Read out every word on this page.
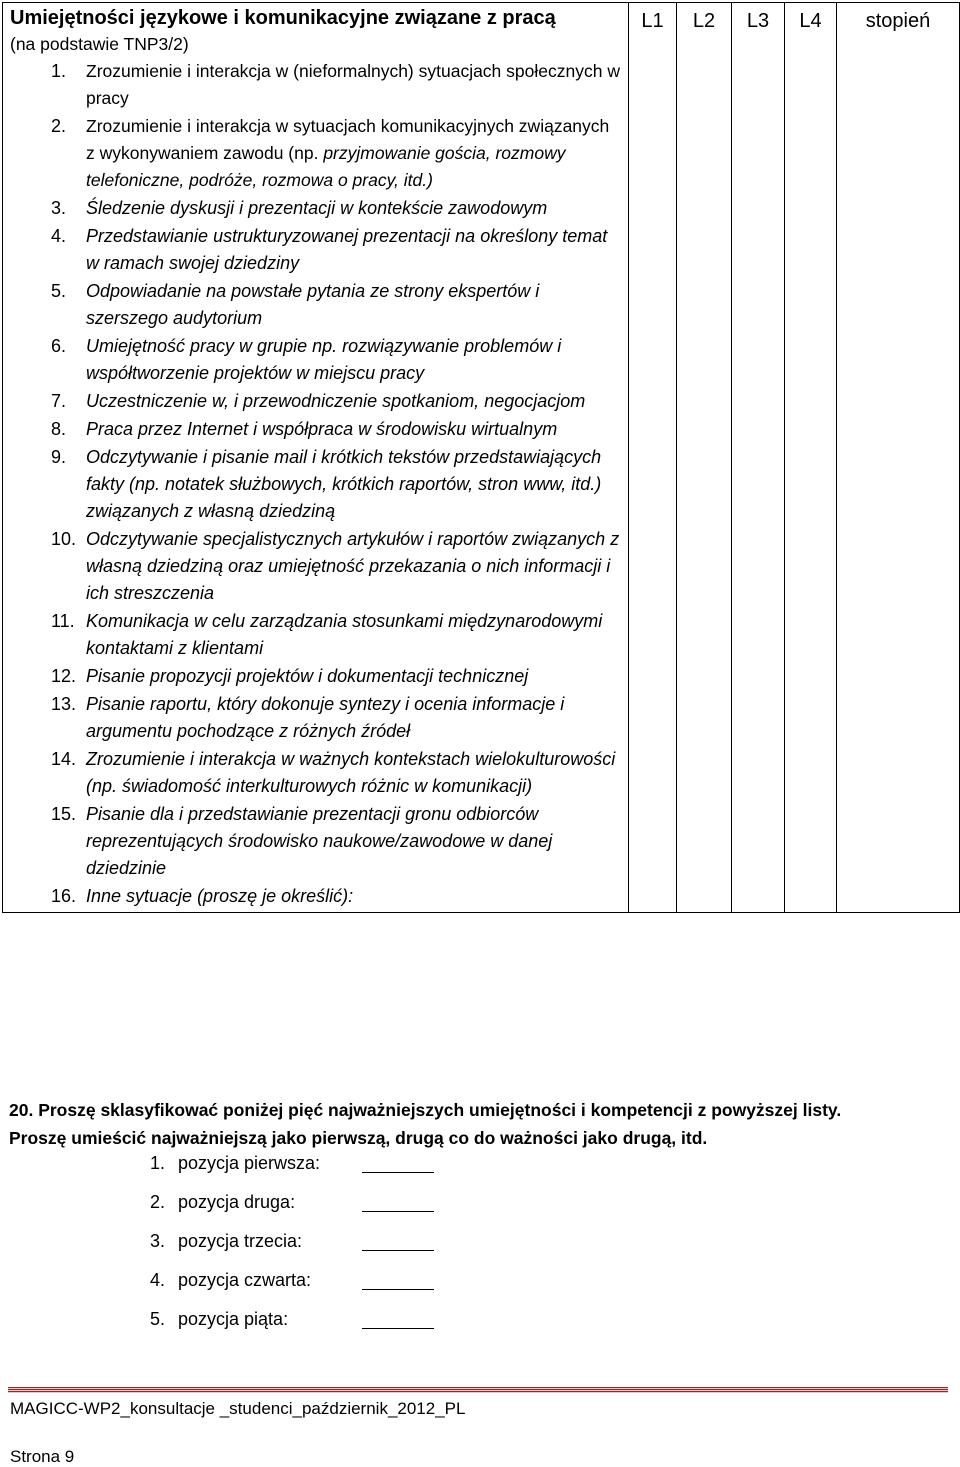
Umiejętności językowe i komunikacyjne związane z pracą

(na podstawie TNP3/2)

1.	Zrozumienie i interakcja w (nieformalnych) sytuacjach społecznych w pracy
2.	Zrozumienie i interakcja w sytuacjach komunikacyjnych związanych z wykonywaniem zawodu (np. przyjmowanie gościa, rozmowy telefoniczne, podróże, rozmowa o pracy, itd.)
3.	Śledzenie dyskusji i prezentacji w kontekście zawodowym
4.	Przedstawianie ustrukturyzowanej prezentacji na określony temat w ramach swojej dziedziny
5.	Odpowiadanie na powstałe pytania ze strony ekspertów i szerszego audytorium
6.	Umiejętność pracy w grupie np. rozwiązywanie problemów i współtworzenie projektów w miejscu pracy
7.	Uczestniczenie w, i przewodniczenie spotkaniom, negocjacjom
8.	Praca przez Internet i współpraca w środowisku wirtualnym
9.	Odczytywanie i pisanie mail i krótkich tekstów przedstawiających fakty (np. notatek służbowych, krótkich raportów, stron www, itd.) związanych z własną dziedziną
10. Odczytywanie specjalistycznych artykułów i raportów związanych z własną dziedziną oraz umiejętność przekazania o nich informacji i ich streszczenia
11. Komunikacja w celu zarządzania stosunkami międzynarodowymi kontaktami z klientami
12. Pisanie propozycji projektów i dokumentacji technicznej
13. Pisanie raportu, który dokonuje syntezy i ocenia informacje i argumentu pochodzące z różnych źródeł
14. Zrozumienie i interakcja w ważnych kontekstach wielokulturowości (np. świadomość interkulturowych różnic w komunikacji)
15. Pisanie dla i przedstawianie prezentacji gronu odbiorców reprezentujących środowisko naukowe/zawodowe w danej dziedzinie
16. Inne sytuacje (proszę je określić):
	L1	L2	L3	L4	stopień
20. Proszę sklasyfikować poniżej pięć najważniejszych umiejętności i kompetencji z powyższej listy.
Proszę umieścić najważniejszą jako pierwszą, drugą co do ważności jako drugą, itd.
1. pozycja pierwsza:
2. pozycja druga:
3. pozycja trzecia:
4. pozycja czwarta:
5. pozycja piąta:
MAGICC-WP2_konsultacje _studenci_październik_2012_PL
Strona 9
